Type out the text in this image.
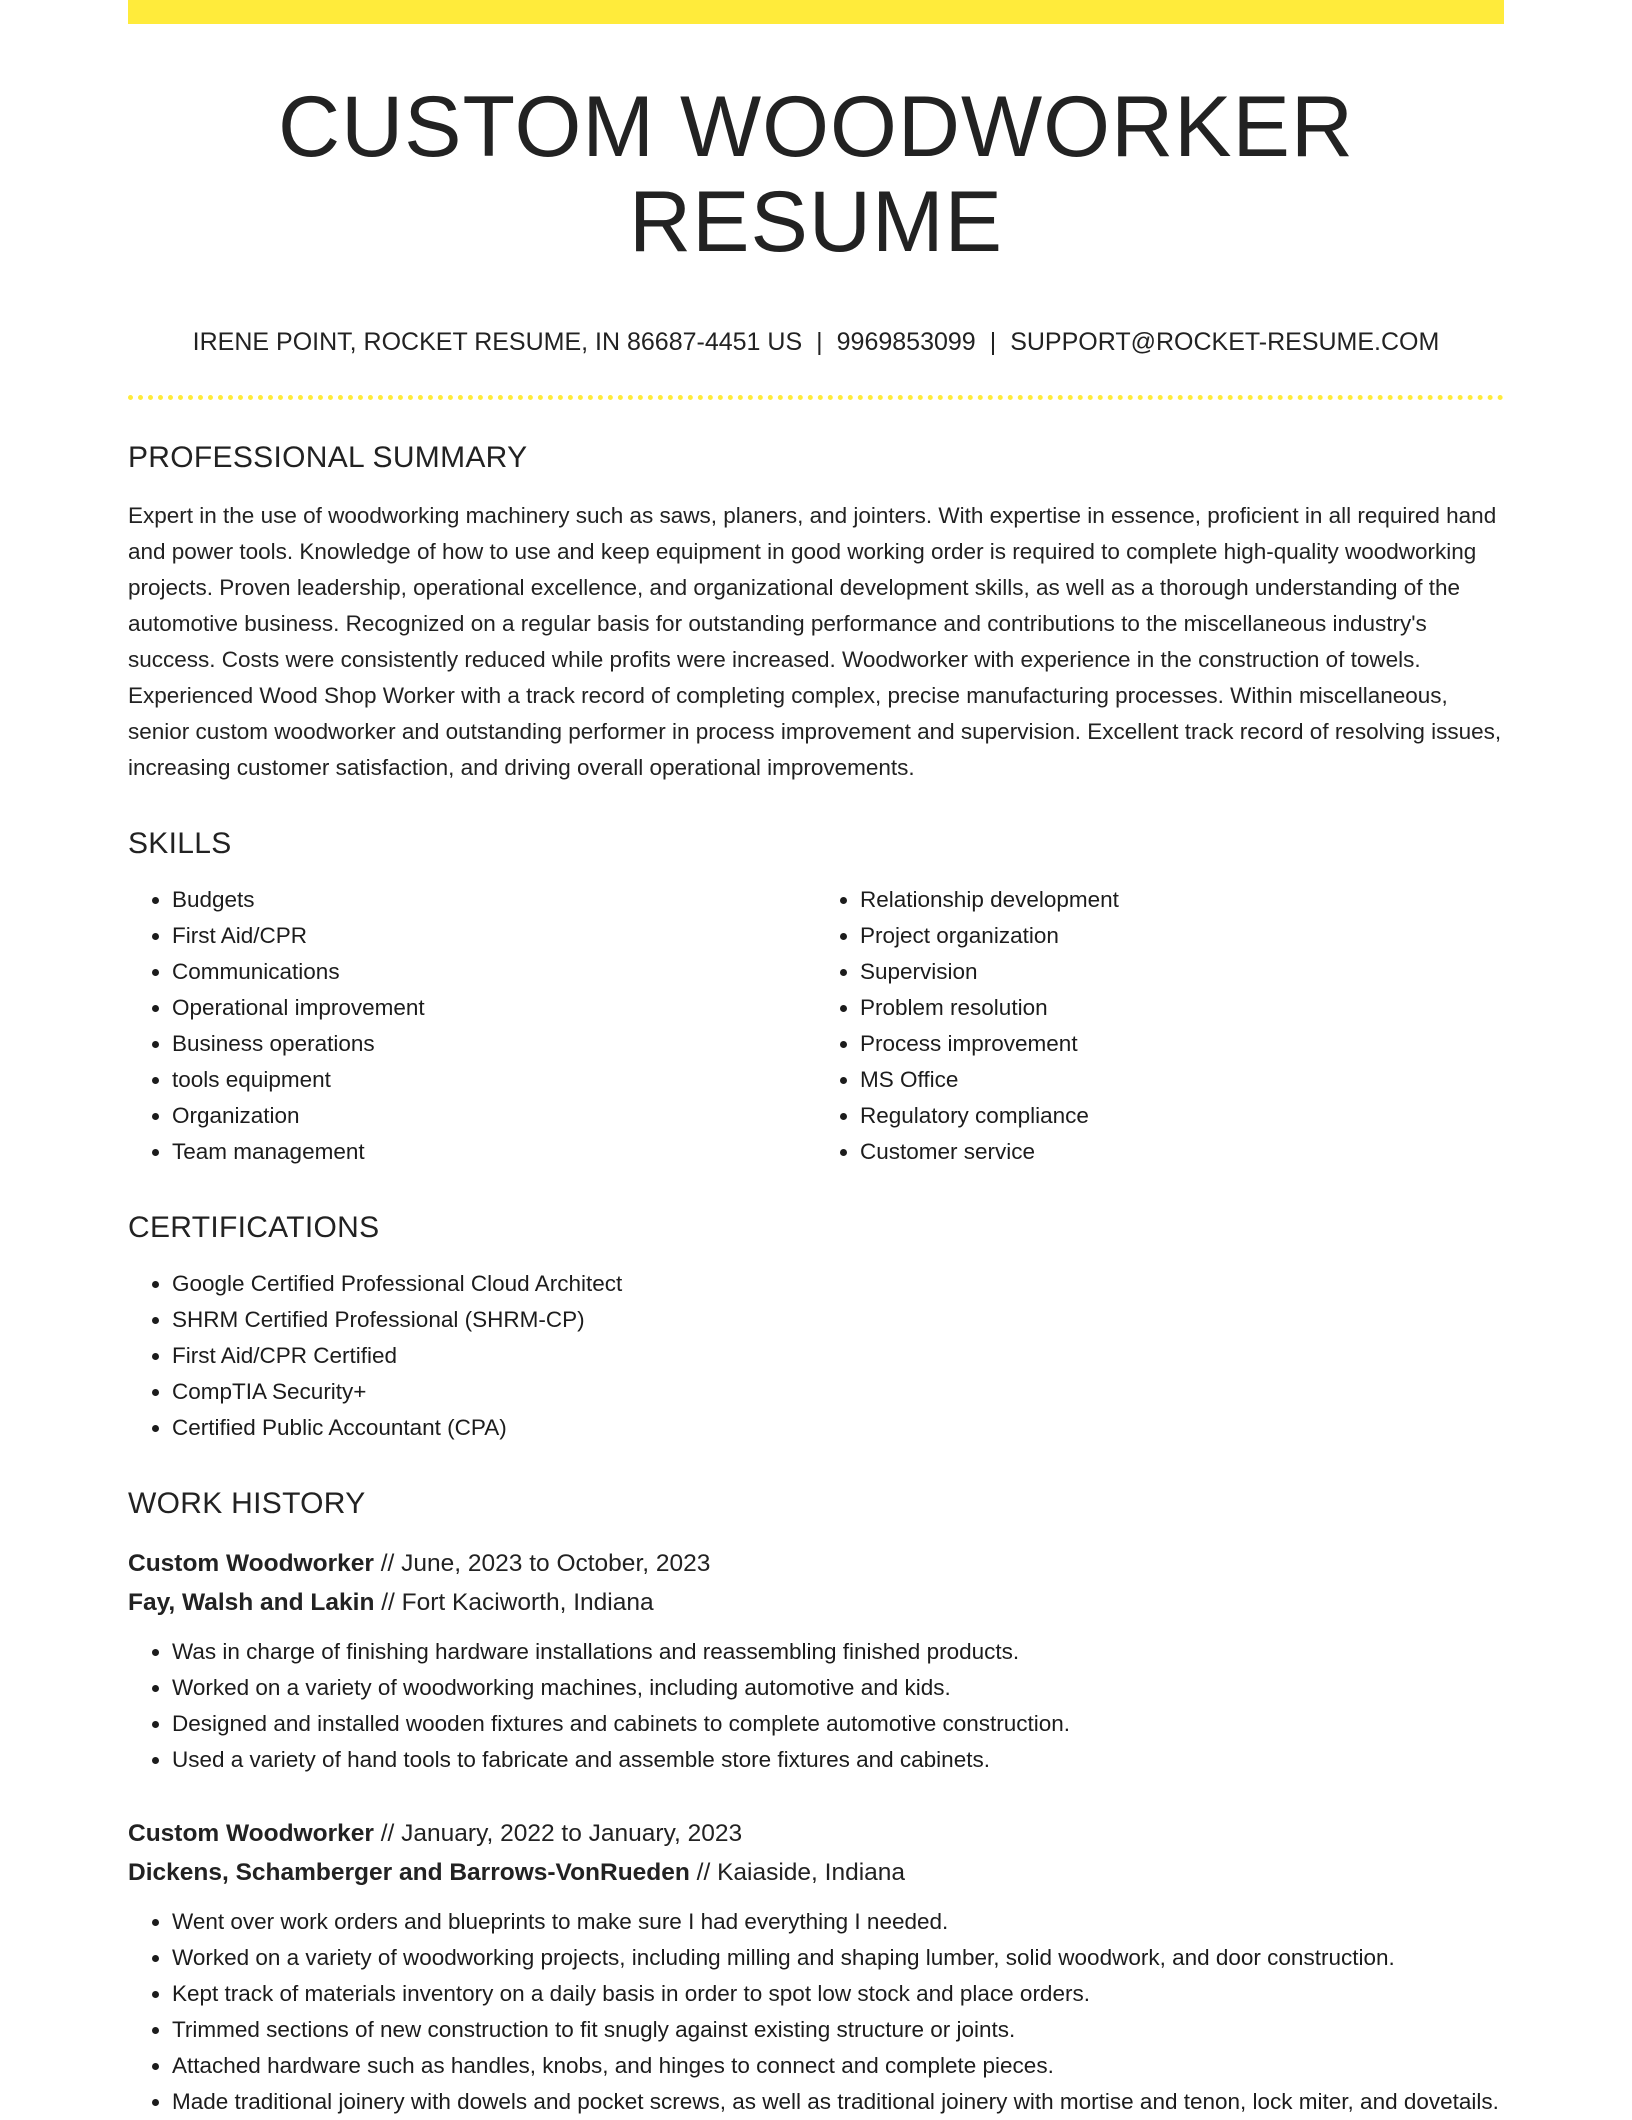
CUSTOM WOODWORKER RESUME
IRENE POINT, ROCKET RESUME, IN 86687-4451 US | 9969853099 | SUPPORT@ROCKET-RESUME.COM
PROFESSIONAL SUMMARY

Expert in the use of woodworking machinery such as saws, planers, and jointers. With expertise in essence, proficient in all required hand and power tools. Knowledge of how to use and keep equipment in good working order is required to complete high-quality woodworking projects. Proven leadership, operational excellence, and organizational development skills, as well as a thorough understanding of the automotive business. Recognized on a regular basis for outstanding performance and contributions to the miscellaneous industry's success. Costs were consistently reduced while profits were increased. Woodworker with experience in the construction of towels. Experienced Wood Shop Worker with a track record of completing complex, precise manufacturing processes. Within miscellaneous, senior custom woodworker and outstanding performer in process improvement and supervision. Excellent track record of resolving issues, increasing customer satisfaction, and driving overall operational improvements.

SKILLS
• Budgets
• First Aid/CPR
• Communications
• Operational improvement
• Business operations
• tools equipment
• Organization
• Team management
• Relationship development
• Project organization
• Supervision
• Problem resolution
• Process improvement
• MS Office
• Regulatory compliance
• Customer service
CERTIFICATIONS
• Google Certified Professional Cloud Architect
• SHRM Certified Professional (SHRM-CP)
• First Aid/CPR Certified
• CompTIA Security+
• Certified Public Accountant (CPA)
WORK HISTORY
Custom Woodworker // June, 2023 to October, 2023
Fay, Walsh and Lakin // Fort Kaciworth, Indiana
• Was in charge of finishing hardware installations and reassembling finished products.
• Worked on a variety of woodworking machines, including automotive and kids.
• Designed and installed wooden fixtures and cabinets to complete automotive construction.
• Used a variety of hand tools to fabricate and assemble store fixtures and cabinets.
Custom Woodworker // January, 2022 to January, 2023
Dickens, Schamberger and Barrows-VonRueden // Kaiaside, Indiana
• Went over work orders and blueprints to make sure I had everything I needed.
• Worked on a variety of woodworking projects, including milling and shaping lumber, solid woodwork, and door construction.
• Kept track of materials inventory on a daily basis in order to spot low stock and place orders.
• Trimmed sections of new construction to fit snugly against existing structure or joints.
• Attached hardware such as handles, knobs, and hinges to connect and complete pieces.
• Made traditional joinery with dowels and pocket screws, as well as traditional joinery with mortise and tenon, lock miter, and dovetails.
